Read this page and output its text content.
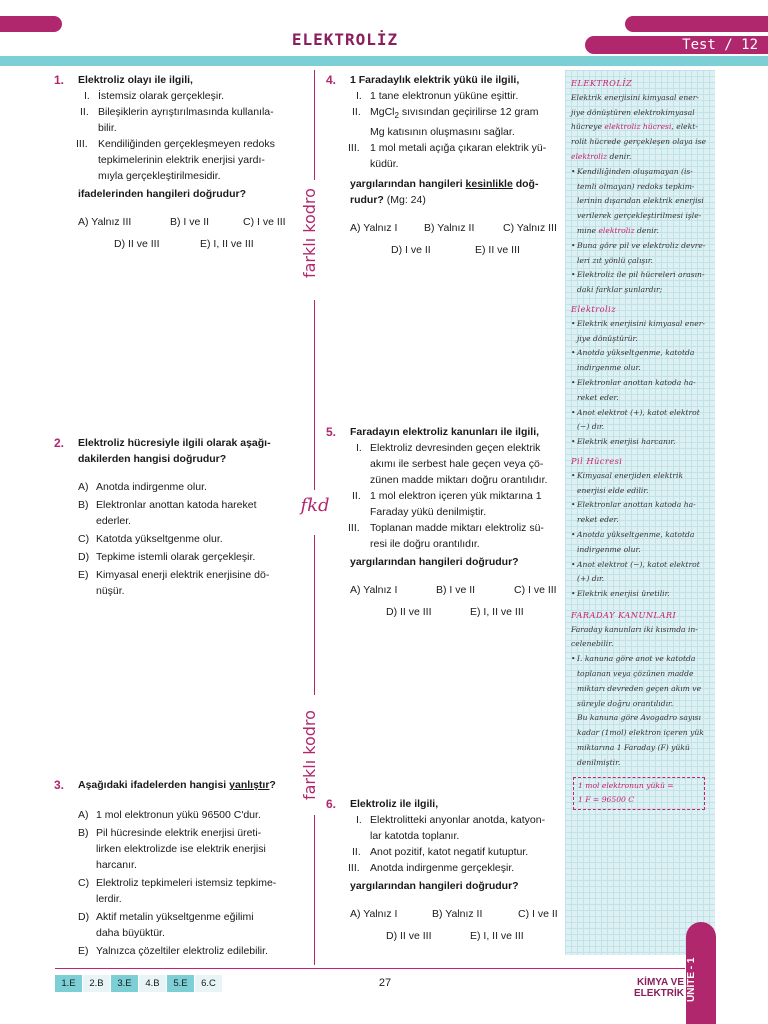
ELEKTROLİZ	Test / 12
farklı kodro
fkd
farklı kodro
1. Elektroliz olayı ile ilgili,
I. İstemsiz olarak gerçekleşir.
II. Bileşiklerin ayrıştırılmasında kullanıla-
bilir.
III. Kendiliğinden gerçekleşmeyen redoks
tepkimelerinin elektrik enerjisi yardı-
mıyla gerçekleştirilmesidir.
ifadelerinden hangileri doğrudur?
A) Yalnız III	B) I ve II	C) I ve III
D) II ve III	E) I, II ve III
2. Elektroliz hücresiyle ilgili olarak aşağı-
dakilerden hangisi doğrudur?
A) Anotda indirgenme olur.
B) Elektronlar anottan katoda hareket
ederler.
C) Katotda yükseltgenme olur.
D) Tepkime istemli olarak gerçekleşir.
E) Kimyasal enerji elektrik enerjisine dö-
nüşür.
3. Aşağıdaki ifadelerden hangisi yanlıştır?
A) 1 mol elektronun yükü 96500 C'dur.
B) Pil hücresinde elektrik enerjisi üreti-
lirken elektrolizde ise elektrik enerjisi
harcanır.
C) Elektroliz tepkimeleri istemsiz tepkime-
lerdir.
D) Aktif metalin yükseltgenme eğilimi
daha büyüktür.
E) Yalnızca çözeltiler elektroliz edilebilir.
4. 1 Faradaylık elektrik yükü ile ilgili,
I. 1 tane elektronun yüküne eşittir.
II. MgCl$_2$ sıvısından geçirilirse 12 gram
Mg katısının oluşmasını sağlar.
III. 1 mol metali açığa çıkaran elektrik yü-
küdür.
yargılarından hangileri kesinlikle doğ-
rudur? (Mg: 24)
A) Yalnız I	B) Yalnız II	C) Yalnız III
D) I ve II	E) II ve III
5. Faradayın elektroliz kanunları ile ilgili,
I. Elektroliz devresinden geçen elektrik
akımı ile serbest hale geçen veya çö-
zünen madde miktarı doğru orantılıdır.
II. 1 mol elektron içeren yük miktarına 1
Faraday yükü denilmiştir.
III. Toplanan madde miktarı elektroliz sü-
resi ile doğru orantılıdır.
yargılarından hangileri doğrudur?
A) Yalnız I	B) I ve II	C) I ve III
D) II ve III	E) I, II ve III
6. Elektroliz ile ilgili,
I. Elektrolitteki anyonlar anotda, katyon-
lar katotda toplanır.
II. Anot pozitif, katot negatif kutuptur.
III. Anotda indirgenme gerçekleşir.
yargılarından hangileri doğrudur?
A) Yalnız I	B) Yalnız II	C) I ve II
D) II ve III	E) I, II ve III
ELEKTROLİZ
Elektrik enerjisini kimyasal ener-
jiye dönüştüren elektrokimyasal
hücreye elektroliz hücresi, elekt-
rolit hücrede gerçekleşen olaya ise
elektroliz denir.
• Kendiliğinden oluşamayan (is-
temli olmayan) redoks tepkim-
lerinin dışarıdan elektrik enerjisi
verilerek gerçekleştirilmesi işle-
mine elektroliz denir.
• Buna göre pil ve elektroliz devre-
leri zıt yönlü çalışır.
• Elektroliz ile pil hücreleri arasın-
daki farklar şunlardır;
Elektroliz
• Elektrik enerjisini kimyasal ener-
jiye dönüştürür.
• Anotda yükseltgenme, katotda
indirgenme olur.
• Elektronlar anottan katoda ha-
reket eder.
• Anot elektrot (+), katot elektrot
(−) dır.
• Elektrik enerjisi harcanır.
Pil Hücresi
• Kimyasal enerjiden elektrik
enerjisi elde edilir.
• Elektronlar anottan katoda ha-
reket eder.
• Anotda yükseltgenme, katotda
indirgenme olur.
• Anot elektrot (−), katot elektrot
(+) dır.
• Elektrik enerjisi üretilir.
FARADAY KANUNLARI
Faraday kanunları iki kısımda in-
celenebilir.
• I. kanuna göre anot ve katotda
toplanan veya çözünen madde
miktarı devreden geçen akım ve
süreyle doğru orantılıdır.
Bu kanuna göre Avogadro sayısı
kadar (1mol) elektron içeren yük
miktarına 1 Faraday (F) yükü
denilmiştir.
1 mol elektronun yükü =
1 F = 96500 C
ÜNİTE - 1
1.E	2.B	3.E	4.B	5.E	6.C	27	KİMYA VE ELEKTRİK
